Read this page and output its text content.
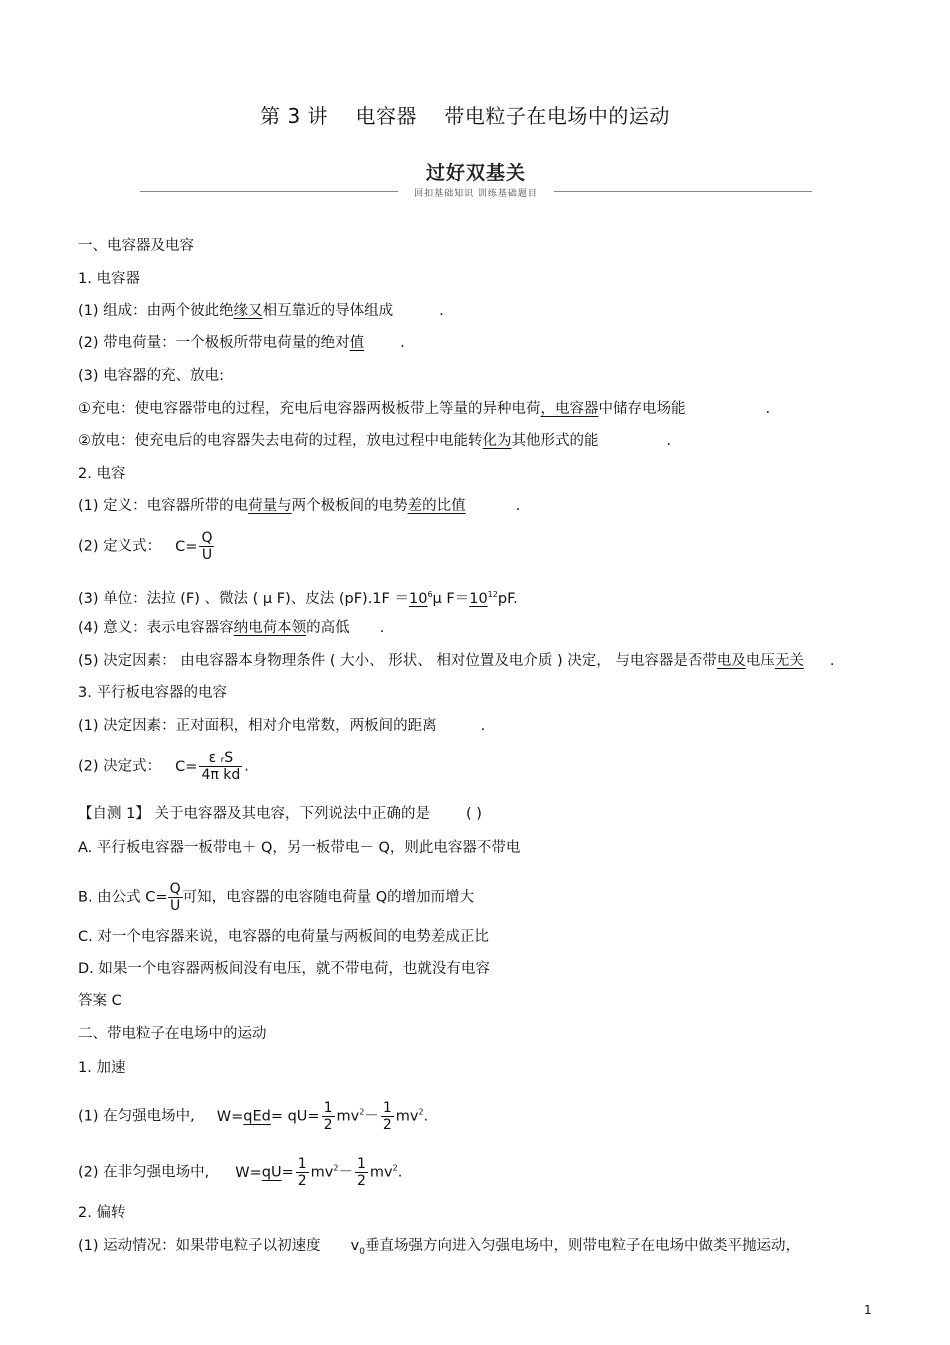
第 3 讲    电容器    带电粒子在电场中的运动
过好双基关
回扣基础知识 训练基础题目
一、电容器及电容
1. 电容器
(1) 组成：由两个彼此绝缘又相互靠近的导体组成	.
(2) 带电荷量：一个极板所带电荷量的绝对值 .
(3) 电容器的充、放电:
①充电：使电容器带电的过程，充电后电容器两极板带上等量的异种电荷，电容器中储存电场能	.
②放电：使充电后的电容器失去电荷的过程，放电过程中电能转化为其他形式的能	.
2. 电容
(1) 定义：电容器所带的电荷量与两个极板间的电势差的比值	.
(2) 定义式： $C= \frac{Q}{U}$
(3) 单位：法拉 (F) 、微法 ( μ F)、皮法 $(pF).1F =10^6\mu$ $F=10^{12}pF$.
(4) 意义：表示电容器容纳电荷本领的高低 .
(5) 决定因素： 由电容器本身物理条件 ( 大小、 形状、 相对位置及电介质 ) 决定， 与电容器是否带电及电压无关 .
3. 平行板电容器的电容
(1) 决定因素：正对面积，相对介电常数，两板间的距离	.
(2) 决定式： $C= \frac{\text{ε ᵣS}}{\text{4π kd}}$ .
【自测 1】 关于电容器及其电容，下列说法中正确的是 ( )
A. 平行板电容器一板带电＋ Q，另一板带电－ Q，则此电容器不带电
B. 由公式 $C= \frac{Q}{U}$ 可知，电容器的电容随电荷量 Q的增加而增大
C. 对一个电容器来说，电容器的电荷量与两板间的电势差成正比
D. 如果一个电容器两板间没有电压，就不带电荷，也就没有电容
答案 C
二、带电粒子在电场中的运动
1. 加速
(1) 在匀强电场中, $W=qEd= qU= \frac{1}{2} mv^2- \frac{1}{2} mv^2$.
(2) 在非匀强电场中, $W=qU= \frac{1}{2} mv^2- \frac{1}{2} mv^2$.
2. 偏转
(1) 运动情况：如果带电粒子以初速度 $v_0$垂直场强方向进入匀强电场中，则带电粒子在电场中做类平抛运动，
1
